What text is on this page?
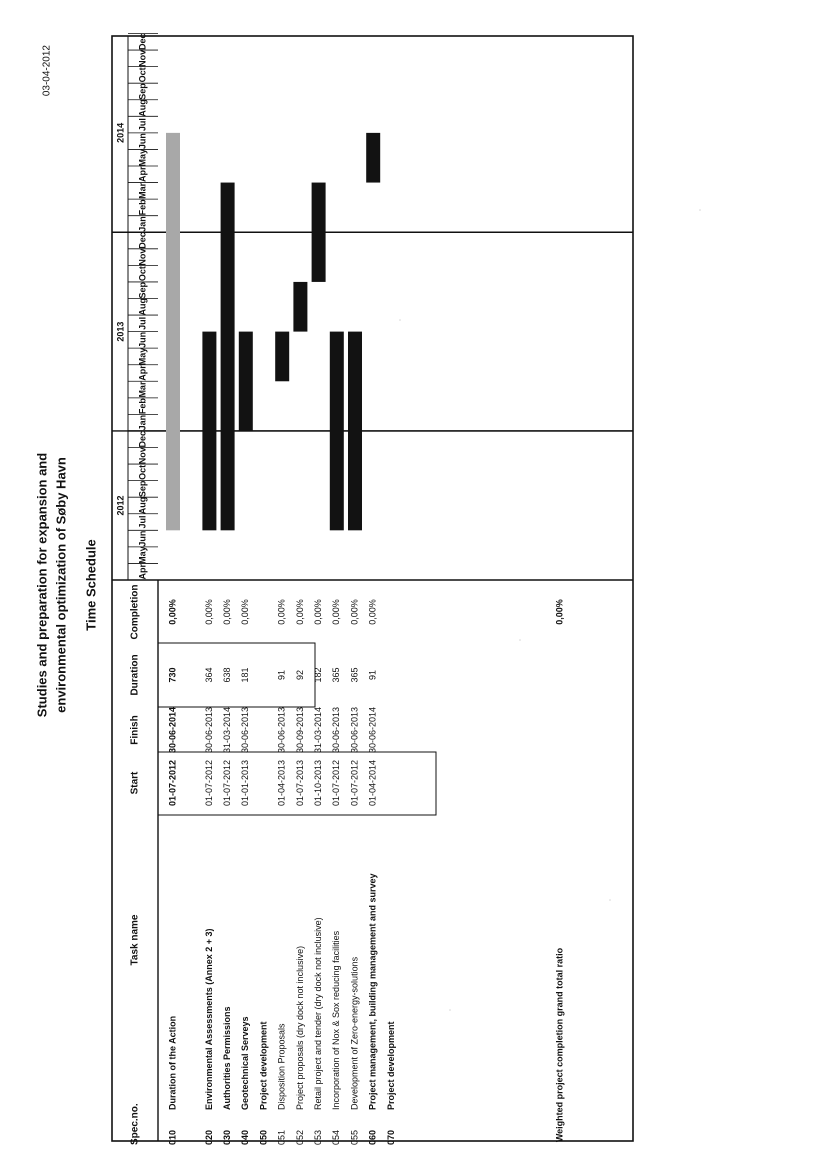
03-04-2012
Studies and preparation for expansion and environmental optimization of Søby Havn Time Schedule
Spec.no.
Task name
Start
Finish
Duration
Completion
Apr
May
Jun
Jul
Aug
Sep
Oct
Nov
Dec
Jan
Feb
Mar
Apr
May
Jun
Jul
Aug
Sep
Oct
Nov
Dec
Jan
Feb
Mar
Apr
May
Jun
Jul
Aug
Sep
Oct
Nov
Dec
2012
2013
2014
010
Duration of the Action
01-07-2012
30-06-2014
730
0,00%
020
Environmental Assessments (Annex 2 + 3)
01-07-2012
30-06-2013
364
0,00%
030
Authorities Permissions
01-07-2012
31-03-2014
638
0,00%
040
Geotechnical Serveys
01-01-2013
30-06-2013
181
0,00%
050
Project development
051
Disposition Proposals
01-04-2013
30-06-2013
91
0,00%
052
Project proposals (dry dock not inclusive)
01-07-2013
30-09-2013
92
0,00%
053
Retail project and tender (dry dock not inclusive)
01-10-2013
31-03-2014
182
0,00%
054
Incorporation of Nox & Sox reducing facilities
01-07-2012
30-06-2013
365
0,00%
055
Development of Zero-energy-solutions
01-07-2012
30-06-2013
365
0,00%
060
Project management, building management and survey
01-04-2014
30-06-2014
91
0,00%
070
Project development	Weighted project completion grand total ratio
0,00%
